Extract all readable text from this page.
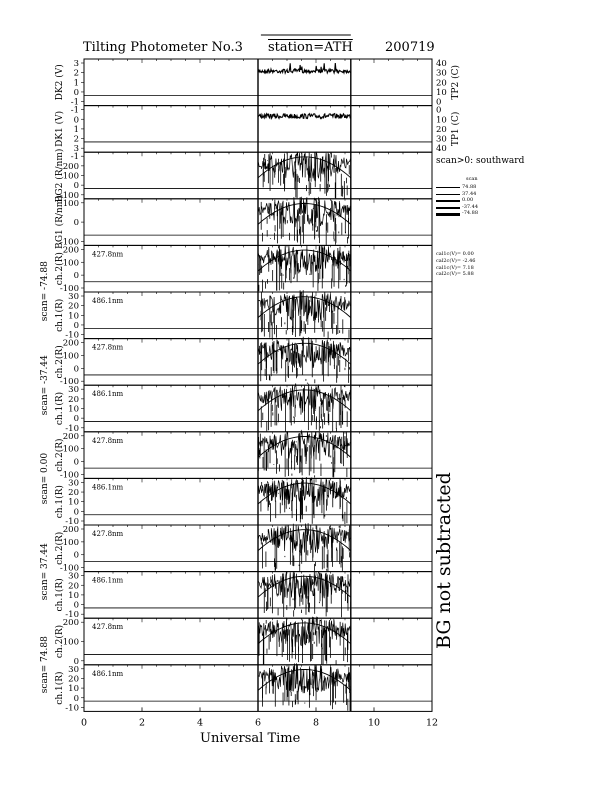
3
2
1
0
-1
40
30
20
10
0
DK2 (V)	TP2 (C)
-1
0
1
2
3
0
10
20
30
40
DK1 (V)	TP1 (C)
-1
200
100
0
-100
BG2 (R/nm)
100
0
-100
BG1 (R/nm)
200
100
0
-100
ch.2(R)	427.8nm
30
20
10
0
-10
ch.1(R)	486.1nm
200
100
0
-100
ch.2(R)	427.8nm
30
20
10
0
-10
ch.1(R)	486.1nm
200
100
0
-100
ch.2(R)	427.8nm
30
20
10
0
-10
ch.1(R)	486.1nm
200
100
0
-100
ch.2(R)	427.8nm
30
20
10
0
-10
ch.1(R)	486.1nm
200
100
0
ch.2(R)	427.8nm
30
20
10
0
-10
ch.1(R)	486.1nm
0	2	4	6	8	10	12
Tilting Photometer No.3 station=ATH 200719
Universal Time
BG not subtracted
scan>0: southward
scan
74.88
37.44
0.00
-37.44
-74.88
cal1c(V)= 0.00
cal2c(V)= -2.46
cal1c(V)= 7.18
cal2c(V)= 5.88
scan= -74.88
scan= -37.44
scan= 0.00
scan= 37.44
scan= 74.88
